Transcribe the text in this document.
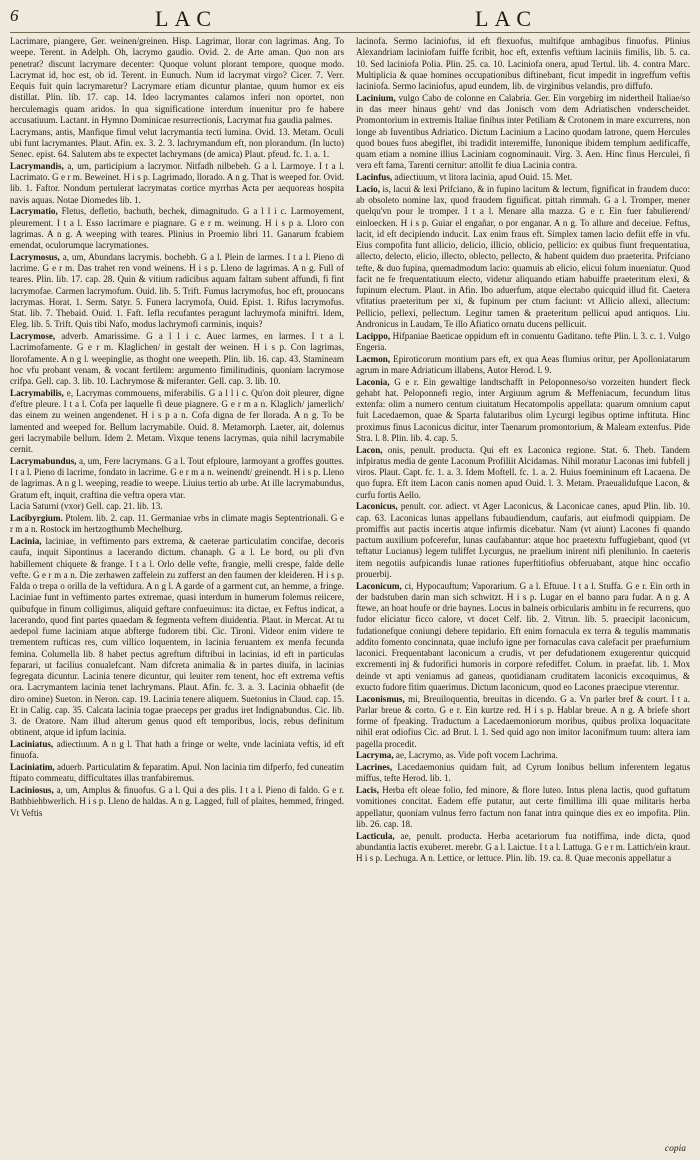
6	LAC	LAC

Lacrimare, piangere, Ger. weinen/greinen. Hisp. Lagrimar, llorar con lagrimas. Ang. To weepe. Terent. in Adelph. Oh, lacrymo gaudio. Ovid. 2. de Arte aman. Quo non ars penetrat? discunt lacrymare decenter: Quoque volunt plorant tempore, quoque modo. Lacrymat id, hoc est, ob id. Terent. in Eunuch. Num id lacrymat virgo? Cicer. 7. Verr. Eequis fuit quin lacrymaretur? Lacrymare etiam dicuntur plantae, quum humor ex eis distillat. Plin. lib. 17. cap. 14. Ideo lacrymantes calamos inferi non oportet, non herculemagis quam aridos. In qua significatione interdum inuenitur pro fe habere accusatiuum. Lactant. in Hymno Dominicae resurrectionis, Lacrymat fua gaudia palmes.

Lacrymans, antis, Manfique fimul velut lacrymantia tecti lumina. Ovid. 13. Metam. Oculi ubi funt lacrymantes. Plaut. Afin. ex. 3. 2. 3. lachrymandum eft, non plorandum. (In lucto) Senec. epist. 64. Salutem abs te expectet lachrymans (de amica) Plaut. pfeud. fc. 1. a. 1.

Lacrymandis, a, um, participium a lacrymor. Nitfadh nilbebeh. G a l. Larmoye. I t a l. Lacrimato. G e r m. Beweinet. H i s p. Lagrimado, llorado. A n g. That is weeped for. Ovid. lib. 1. Faftor. Nondum pertulerat lacrymatas cortice myrrhas Acta per aequoreas hospita navis aquas. Notae Diomedes lib. 1.

Lacrymatio, Fletus, defletio, bachuth, bechek, dimagnitudo. G a l l i c. Larmoyement, pleurement. I t a l. Esso lacrimare e piagnare. G e r m. weinung. H i s p a. Lloro con lagrimas. A n g. A weeping with teares. Plinius in Proemio libri 11. Ganarum fcabiem emendat, oculorumque lacrymationes.

Lacrymosus, a, um, Abundans lacrymis. bochebh. G a l. Plein de larmes. I t a l. Pieno di lacrime. G e r m. Das trahet ren vond weinens. H i s p. Lleno de lagrimas. A n g. Full of teares. Plin. lib. 17. cap. 28. Quin & vitium radicibus aquam faltam subent affundi, fi fint lacrymofae. Carmen lacrymofum. Ouid. lib. 5. Trift. Fumus lacrymofus, hoc eft, prouocans lacrymas. Horat. 1. Serm. Satyr. 5. Funera lacrymofa, Ouid. Epist. 1. Rifus lacrymofus. Stat. lib. 7. Thebaid. Ouid. 1. Faft. Iefla recufantes peragunt lachrymofa miniftri. Idem, Eleg. lib. 5. Trift. Quis tibi Nafo, modus lachrymofi carminis, inquis?

Lacrymose, adverb. Amarissime. G a l l i c. Auec larmes, en larmes. I t a l. Lacrimofamente. G e r m. Klaglichen/ in gestalt der weinen. H i s p. Con lagrimas, llorofamente. A n g l. weepinglie, as thoght one weepeth. Plin. lib. 16. cap. 43. Stamineam hoc vfu probant venam, & vocant fertilem: argumento fimilitudinis, quoniam lacrymose crifpa. Gell. cap. 3. lib. 10. Lachrymose & miferanter. Gell. cap. 3. lib. 10.

Lacrymabilis, e, Lacrymas commouens, miferabilis. G a l l i c. Qu'on doit pleurer, digne d'eftre pleure. I t a l. Cofa per laquelle fi deue piagnere. G e r m a n. Klaglich/ jamerlich/ das einem zu weinen angendenet. H i s p a n. Cofa digna de fer llorada. A n g. To be lamented and weeped for. Bellum lacrymabile. Ouid. 8. Metamorph. Laeter, ait, dolemus geri lacrymabile bellum. Idem 2. Metam. Vixque tenens lacrymas, quia nihil lacrymabile cernit.

Lacrymabundus, a, um, Fere lacrymans. G a l. Tout efploure, larmoyant a groffes gouttes. I t a l. Pieno di lacrime, fondato in lacrime. G e r m a n. weinendt/ greinendt. H i s p. Lleno de lagrimas. A n g l. weeping, readie to weepe. Liuius tertio ab urbe. At ille lacrymabundus, Gratum eft, inquit, craftina die veftra opera vtar.

Lacia Saturni (vxor) Gell. cap. 21. lib. 13.

Lacibyrgium. Ptolem. lib. 2. cap. 11. Germaniae vrbs in climate magis Septentrionali. G e r m a n. Rostock im hertzogthumb Mechelburg.

Lacinia, laciniae, in veftimento pars extrema, & caeterae particulatim concifae, decoris caufa, inquit Sipontinus a lacerando dictum. chanaph. G a l. Le bord, ou pli d'vn habillement chiquete & frange. I t a l. Orlo delle vefte, frangie, melli crespe, falde delle vefte. G e r m a n. Die zerhawen zaffelein zu zufferst an den faumen der kleideren. H i s p. Falda o trepa o orilla de la veftidura. A n g l. A garde of a garment cut, an hemme, a fringe. Laciniae funt in veftimento partes extremae, quasi interdum in humerum folemus reiicere, quibufque in finum colligimus, aliquid geftare confueuimus: ita dictae, ex Feftus indicat, a lacerando, quod fint partes quaedam & fegmenta veftem diuidentia. Plaut. in Mercat. At tu aedepol fume laciniam atque abfterge fudorem tibi. Cic. Tironi. Videor enim videre te trementem rufticas res, cum villico loquentem, in lacinia feruantem ex menfa fecunda femina. Columella lib. 8 habet pectus agreftum diftribui in lacinias, id eft in particulas feparari, ut facilius conualefcant. Nam difcreta animalia & in partes diuifa, in lacinias fegregata dicuntur. Lacinia tenere dicuntur, qui leuiter rem tenent, hoc eft extrema veftis ora. Lacrymantem lacinia tenet lachrymans. Plaut. Afin. fc. 3. a. 3. Lacinia obhaefit (de diro omine) Sueton. in Neron. cap. 19. Lacinia tenere aliquem. Suetonius in Claud. cap. 15. Et in Calig. cap. 35. Calcata lacinia togae praeceps per gradus iret Indignabundus. Cic. lib. 3. de Oratore. Nam illud alterum genus quod eft temporibus, locis, rebus definitum obtinent, atque id ipfum lacinia.

Laciniatus, adiectiuum. A n g l. That hath a fringe or welte, vnde laciniata veftis, id eft finuofa.

Laciniatim, aduerb. Particulatim & feparatim. Apul. Non lacinia tim difperfo, fed cuneatim ftipato commeatu, difficultates illas tranfabiremus.

Laciniosus, a, um, Amplus & finuofus. G a l. Qui a des plis. I t a l. Pieno di faldo. G e r. Bathbiehbwerlich. H i s p. Lleno de haldas. A n g. Lagged, full of plaites, hemmed, fringed. Vt Veftis

lacinofa. Sermo laciniofus, id eft flexuofus, multifque ambagibus finuofus. Plinius Alexandriam laciniofam fuiffe fcribit, hoc eft, extenfis veftium laciniis fimilis, lib. 5. ca. 10. Sed laciniofa Polia. Plin. 25. ca. 10. Laciniofa onera, apud Tertul. lib. 4. contra Marc. Multiplicia & quae homines occupationibus diftinebant, ficut impedit in ingreffum veftis laciniofa. Sermo laciniofus, apud eundem, lib. de virginibus velandis, pro diffufo.

Lacinium, vulgo Cabo de colonne en Calabria. Ger. Ein vorgebirg im nidertheil Italiae/so in das meer hinaus geht/ vnd das Jonisch vom dem Adriatischen vnderscheidet. Promontorium in extremis Italiae finibus inter Petiliam & Crotonem in mare excurrens, non longe ab Iuventibus Adriatico. Dictum Lacinium a Lacino quodam latrone, quem Hercules quod boues fuos abegiflet, ibi tradidit interemiffe, Iunonique ibidem templum aedificaffe, quam etiam a nomine illius Laciniam cognominauit. Virg. 3. Aen. Hinc finus Herculei, fi vera eft fama, Tarenti cernitur: attollit fe diua Lacinia contra.

Lacinfus, adiectiuum, vt litora lacinia, apud Ouid. 15. Met.

Lacio, is, lacui & lexi Prifciano, & in fupino lacitum & lectum, fignificat in fraudem duco: ab obsoleto nomine lax, quod fraudem fignificat. pittah rimmah. G a l. Tromper, mener quelqu'vn pour le tromper. I t a l. Menare alla mazza. G e r. Ein fuer fabulierend/ einloecken. H i s p. Guiar el engañar, o por enganar. A n g. To allure and deceiue. Feftus, lacit, id eft decipiendo inducit. Lax enim fraus eft. Simplex tamen lacio defiit effe in vfu. Eius compofita funt allicio, delicio, illicio, oblicio, pellicio: ex quibus fiunt frequentatiua, allecto, delecto, elicio, illecto, oblecto, pellecto, & habent quidem duo praeterita. Prifciano tefte, & duo fupina, quemadmodum lacio: quamuis ab elicio, elicui folum inueniatur. Quod facit ne fe frequentatiuum electo, videtur aliquando etiam habuiffe praeteritum elexi, & fupinum electum. Plaut. in Afin. Ibo aduerfum, atque electabo quicquid illud fit. Caetera vfitatius praeteritum per xi, & fupinum per ctum faciunt: vt Allicio allexi, allectum: Pellicio, pellexi, pellectum. Legitur tamen & praeteritum pellicui apud antiquos. Liu. Andronicus in Laudam, Te illo Afiatico ornatu ducens pellicuit.

Lacippo, Hifpaniae Baeticae oppidum eft in conuentu Gaditano. tefte Plin. l. 3. c. 1. Vulgo Engeria.

Lacmon, Epiroticorum montium pars eft, ex qua Aeas flumius oritur, per Apolloniatarum agrum in mare Adriaticum illabens, Autor Herod. l. 9.

Laconia, G e r. Ein gewaltige landtschafft in Peloponneso/so vorzeiten hundert fleck gehabt hat. Peloponnefi regio, inter Argiuum agrum & Meffeniacum, fecundum litus extenfa: olim a numero centum ciuitatum Hecatompolis appellata: quarum omnium caput fuit Lacedaemon, quae & Sparta falutaribus olim Lycurgi legibus optime inftituta. Hinc proximus finus Laconicus dicitur, inter Taenarum promontorium, & Maleam extenfus. Pide Stra. l. 8. Plin. lib. 4. cap. 5.

Lacon, onis, penult. producta. Qui eft ex Laconica regione. Stat. 6. Theb. Tandem infpiratus media de gente Laconum Profiliit Alcidamas. Nihil moratur Laconas imi fubfell j viros. Plaut. Capt. fc. 1. a. 3. Idem Moftell. fc. 1. a. 2. Huius foemininum eft Lacaena. De quo fupra. Eft item Lacon canis nomen apud Ouid. l. 3. Metam. Praeualidufque Lacon, & curfu fortis Aello.

Laconicus, penult. cor. adiect. vt Ager Laconicus, & Laconicae canes, apud Plin. lib. 10. cap. 63. Laconicas lunas appellans fubaudiendum, caufaris, aut eiufmodi quippiam. De promiffis aut pactis incertis atque infirmis dicebatur. Nam (vt aiunt) Lacones fi quando pactum auxilium pofcerefur, lunas caufabantur: atque hoc praetextu fuffugiebant, quod (vt teftatur Lucianus) legem tuliffet Lycurgus, ne praelium inirent nifi plenilunio. In caeteris item negotiis aufpicandis lunae rationes fuperftitiofius obferuabant, atque hinc occafio prouerbij.

Laconicum, ci, Hypocauftum; Vaporarium. G a l. Eftuue. I t a l. Stuffa. G e r. Ein orth in der badstuben darin man sich schwitzt. H i s p. Lugar en el banno para fudar. A n g. A ftewe, an hoat houfe or drie baynes. Locus in balneis orbicularis ambitu in fe recurrens, quo fudor eliciatur ficco calore, vt docet Celf. lib. 2. Vitrun. lib. 5. praecipit laconicum, fudationefque coniungi debere tepidario. Eft enim fornacula ex terra & tegulis mammatis addito fomento concinnata, quae inclufo igne per fornaculas cava calefacit per praefurnium laconici. Frequentabant laconicum a crudis, vt per defudationem exugerentur quicquid excrementi inj & fudorifici humoris in corpore refediffet. Colum. in praefat. lib. 1. Mox deinde vt apti veniamus ad ganeas, quotidianam cruditatem laconicis excoquimus, & exucto fudore fitim quaerimus. Dictum laconicum, quod eo Lacones praecipue vterentur.

Laconismus, mi, Breuiloquentia, breuitas in dicendo. G a. Vn parler bref & court. I t a. Parlar breue & corto. G e r. Ein kurtze red. H i s p. Hablar breue. A n g. A briefe short forme of fpeaking. Traductum a Lacedaemoniorum moribus, quibus prolixa loquacitate nihil erat odiofius Cic. ad Brut. l. 1. Sed quid ago non imitor laconifmum tuum: altera iam pagella procedit.

Lacryma, ae, Lacrymo, as. Vide poft vocem Lachrima.

Lacrines, Lacedaemonius quidam fuit, ad Cyrum Ionibus bellum inferentem legatus miffus, tefte Herod. lib. 1.

Lacis, Herba eft oleae folio, fed minore, & flore luteo. Intus plena lactis, quod guftatum vomitiones concitat. Eadem effe putatur, aut certe fimillima illi quae militaris herba appellatur, quoniam vulnus ferro factum non fanat intra quinque dies ex eo impofita. Plin. lib. 26. cap. 18.

Lacticula, ae, penult. producta. Herba acetariorum fua notiffima, inde dicta, quod abundantia lactis exuberet. merebr. G a l. Laictue. I t a l. Lattuga. G e r m. Lattich/ein kraut. H i s p. Lechuga. A n. Lettice, or lettuce. Plin. lib. 19. ca. 8. Quae meconis appellatur a

copia
